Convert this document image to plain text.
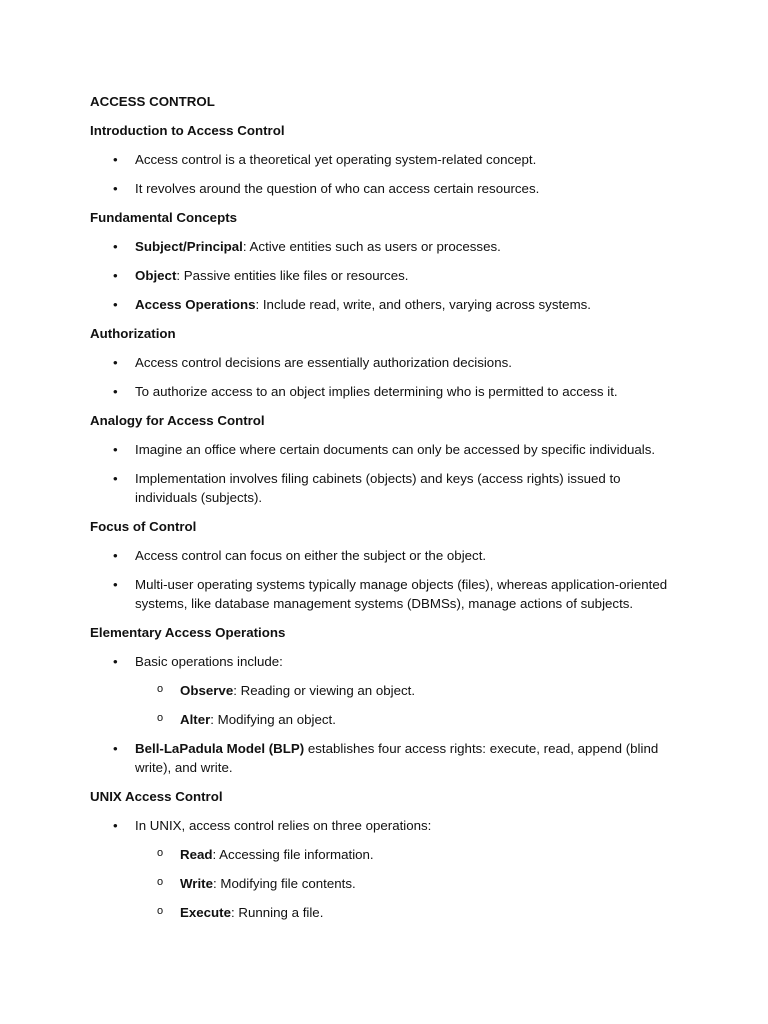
ACCESS CONTROL
Introduction to Access Control
• Access control is a theoretical yet operating system-related concept.
• It revolves around the question of who can access certain resources.
Fundamental Concepts
• Subject/Principal: Active entities such as users or processes.
• Object: Passive entities like files or resources.
• Access Operations: Include read, write, and others, varying across systems.
Authorization
• Access control decisions are essentially authorization decisions.
• To authorize access to an object implies determining who is permitted to access it.
Analogy for Access Control
• Imagine an office where certain documents can only be accessed by specific individuals.
• Implementation involves filing cabinets (objects) and keys (access rights) issued to individuals (subjects).
Focus of Control
• Access control can focus on either the subject or the object.
• Multi-user operating systems typically manage objects (files), whereas application-oriented systems, like database management systems (DBMSs), manage actions of subjects.
Elementary Access Operations
• Basic operations include:
o Observe: Reading or viewing an object.
o Alter: Modifying an object.
• Bell-LaPadula Model (BLP) establishes four access rights: execute, read, append (blind write), and write.
UNIX Access Control
• In UNIX, access control relies on three operations:
o Read: Accessing file information.
o Write: Modifying file contents.
o Execute: Running a file.
